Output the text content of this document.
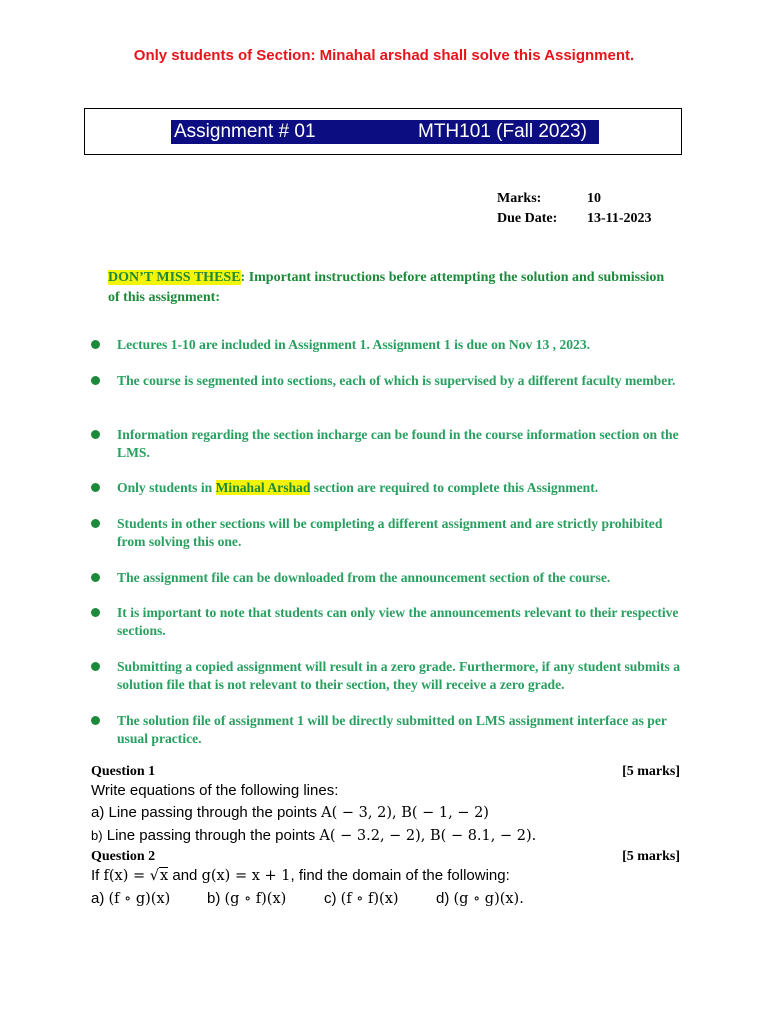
Only students of Section: Minahal arshad shall solve this Assignment.
Assignment # 01	MTH101 (Fall 2023)
Marks:	10
Due Date: 13-11-2023
DON’T MISS THESE: Important instructions before attempting the solution and submission of this assignment:
Lectures 1-10 are included in Assignment 1. Assignment 1 is due on Nov 13 , 2023.
The course is segmented into sections, each of which is supervised by a different faculty member.
Information regarding the section incharge can be found in the course information section on the LMS.
Only students in Minahal Arshad section are required to complete this Assignment.
Students in other sections will be completing a different assignment and are strictly prohibited from solving this one.
The assignment file can be downloaded from the announcement section of the course.
It is important to note that students can only view the announcements relevant to their respective sections.
Submitting a copied assignment will result in a zero grade. Furthermore, if any student submits a solution file that is not relevant to their section, they will receive a zero grade.
The solution file of assignment 1 will be directly submitted on LMS assignment interface as per usual practice.
Question 1	[5 marks]
Write equations of the following lines:
a) Line passing through the points A( − 3, 2), B( − 1, − 2)
b) Line passing through the points A( − 3.2, − 2), B( − 8.1, − 2).
Question 2	[5 marks]
If f(x) = √x and g(x) = x + 1, find the domain of the following:
a) (f ∘ g)(x) b) (g ∘ f)(x)	c) (f ∘ f)(x) d) (g ∘ g)(x).
